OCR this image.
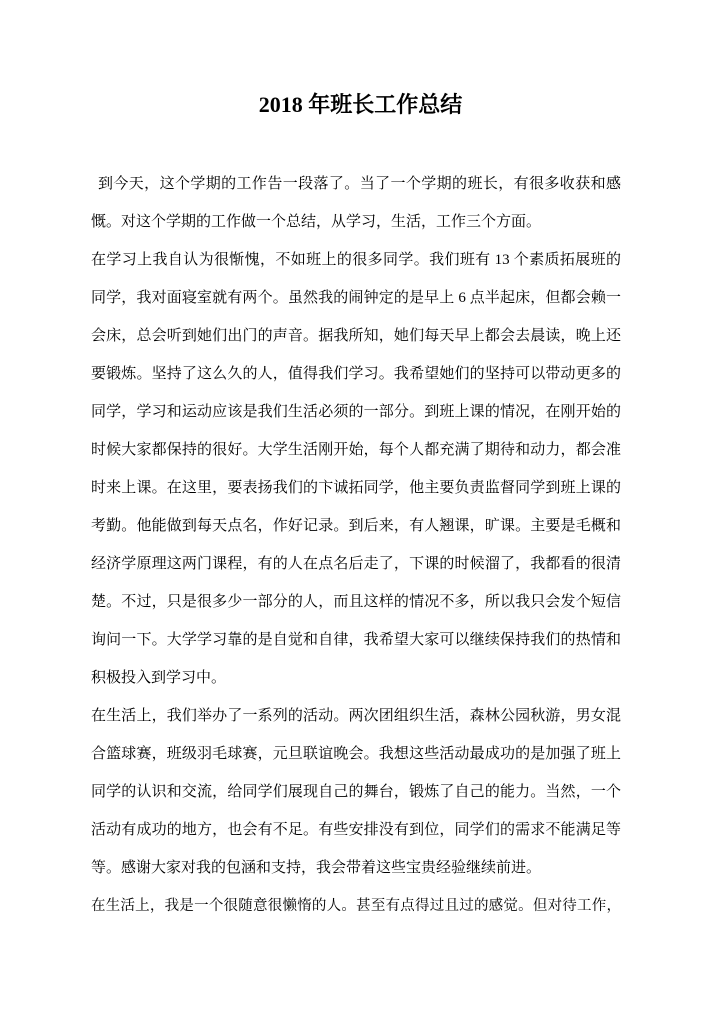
2018 年班长工作总结
到今天，这个学期的工作告一段落了。当了一个学期的班长，有很多收获和感
慨。对这个学期的工作做一个总结，从学习，生活，工作三个方面。
在学习上我自认为很惭愧，不如班上的很多同学。我们班有 13 个素质拓展班的
同学，我对面寝室就有两个。虽然我的闹钟定的是早上 6 点半起床，但都会赖一
会床，总会听到她们出门的声音。据我所知，她们每天早上都会去晨读，晚上还
要锻炼。坚持了这么久的人，值得我们学习。我希望她们的坚持可以带动更多的
同学，学习和运动应该是我们生活必须的一部分。到班上课的情况，在刚开始的
时候大家都保持的很好。大学生活刚开始，每个人都充满了期待和动力，都会准
时来上课。在这里，要表扬我们的卞诚拓同学，他主要负责监督同学到班上课的
考勤。他能做到每天点名，作好记录。到后来，有人翘课，旷课。主要是毛概和
经济学原理这两门课程，有的人在点名后走了，下课的时候溜了，我都看的很清
楚。不过，只是很多少一部分的人，而且这样的情况不多，所以我只会发个短信
询问一下。大学学习靠的是自觉和自律，我希望大家可以继续保持我们的热情和
积极投入到学习中。
在生活上，我们举办了一系列的活动。两次团组织生活，森林公园秋游，男女混
合篮球赛，班级羽毛球赛，元旦联谊晚会。我想这些活动最成功的是加强了班上
同学的认识和交流，给同学们展现自己的舞台，锻炼了自己的能力。当然，一个
活动有成功的地方，也会有不足。有些安排没有到位，同学们的需求不能满足等
等。感谢大家对我的包涵和支持，我会带着这些宝贵经验继续前进。
在生活上，我是一个很随意很懒惰的人。甚至有点得过且过的感觉。但对待工作，
